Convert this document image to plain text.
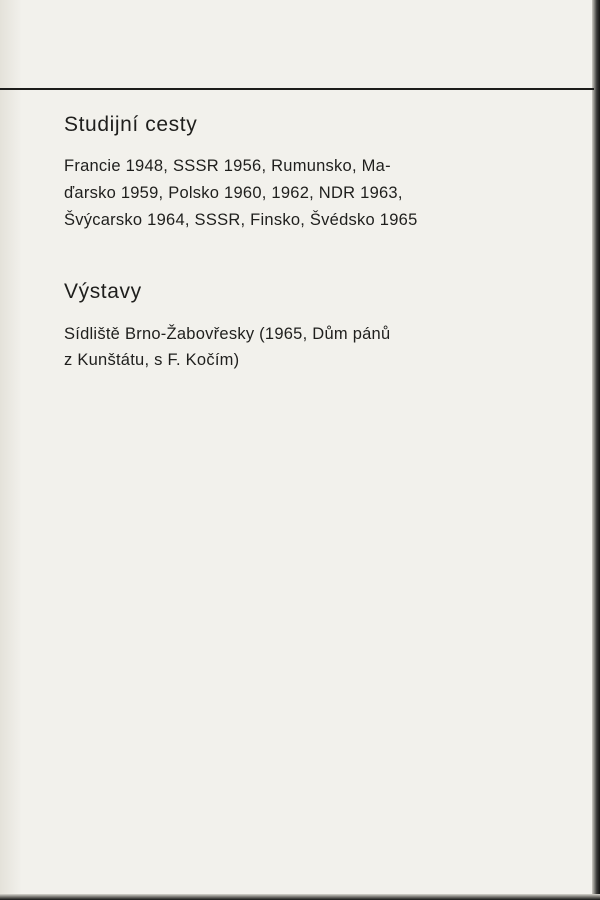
Studijní cesty

Francie 1948, SSSR 1956, Rumunsko, Ma-
ďarsko 1959, Polsko 1960, 1962, NDR 1963,
Švýcarsko 1964, SSSR, Finsko, Švédsko 1965

Výstavy

Sídliště Brno-Žabovřesky (1965, Dům pánů
z Kunštátu, s F. Kočím)
